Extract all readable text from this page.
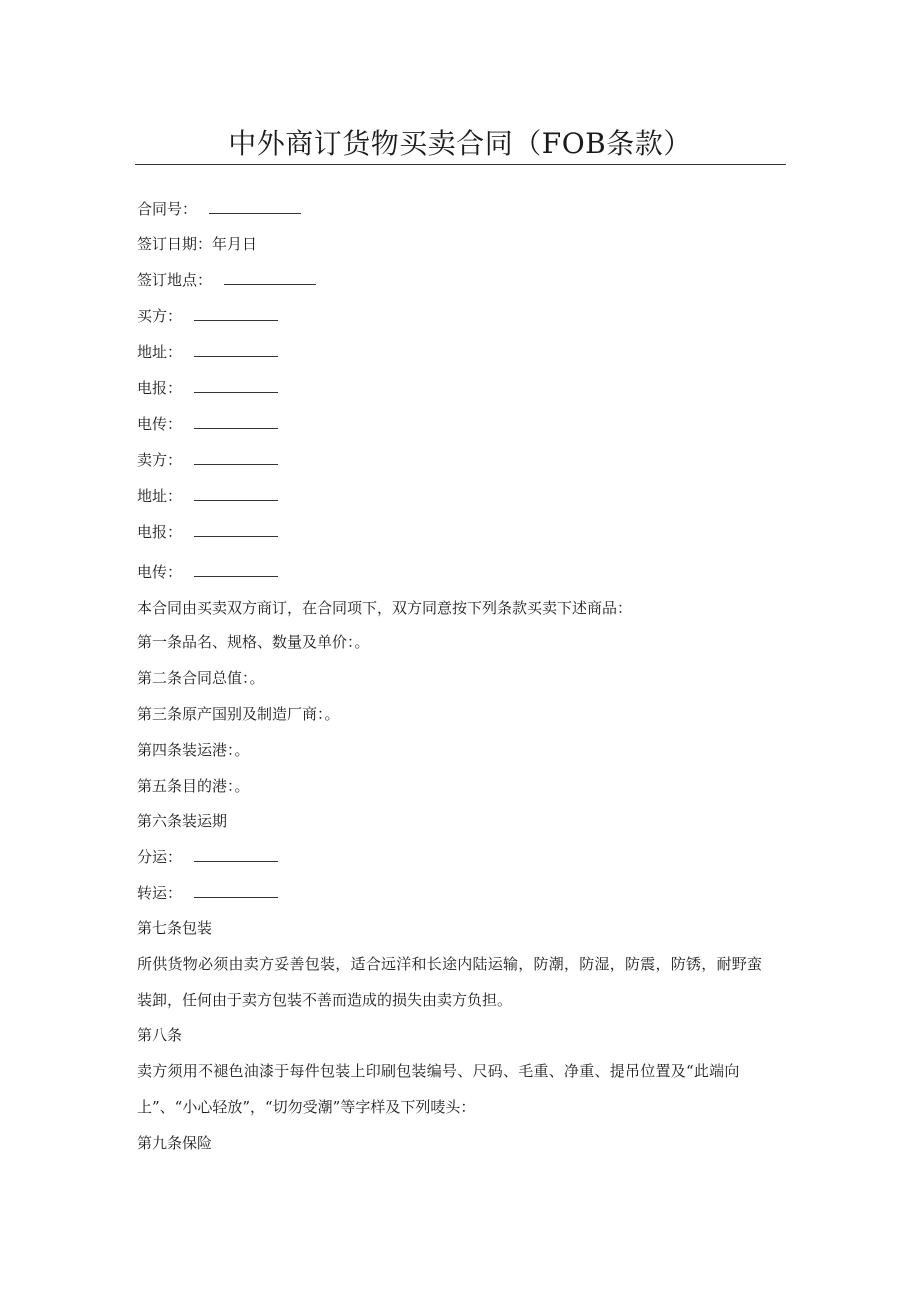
中外商订货物买卖合同（FOB条款）
合同号：
签订日期：年月日
签订地点：
买方：
地址：
电报：
电传：
卖方：
地址：
电报：
电传：
本合同由买卖双方商订，在合同项下，双方同意按下列条款买卖下述商品：
第一条品名、规格、数量及单价：。
第二条合同总值：。
第三条原产国别及制造厂商：。
第四条装运港：。
第五条目的港：。
第六条装运期
分运：
转运：
第七条包装
所供货物必须由卖方妥善包装，适合远洋和长途内陆运输，防潮，防湿，防震，防锈，耐野蛮
装卸，任何由于卖方包装不善而造成的损失由卖方负担。
第八条
卖方须用不褪色油漆于每件包装上印刷包装编号、尺码、毛重、净重、提吊位置及“此端向
上”、“小心轻放”，“切勿受潮”等字样及下列唛头：
第九条保险
